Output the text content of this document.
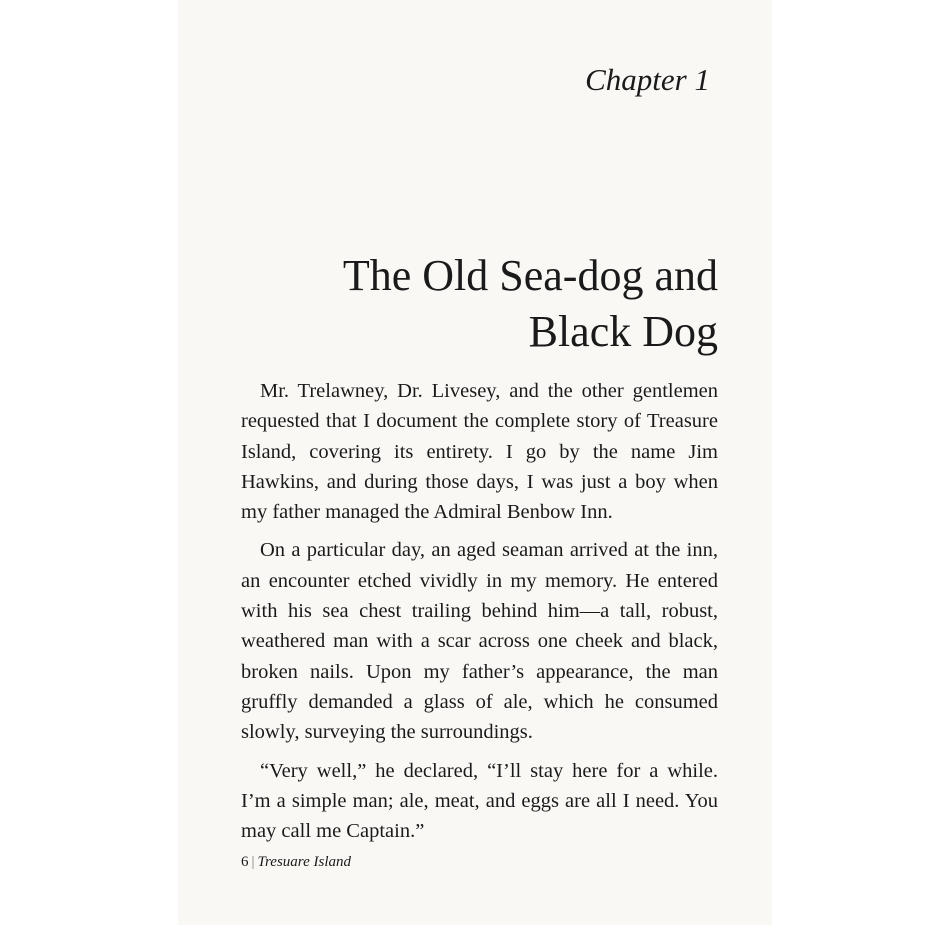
Chapter 1
The Old Sea-dog and
Black Dog

Mr. Trelawney, Dr. Livesey, and the other gentlemen requested that I document the complete story of Treasure Island, covering its entirety. I go by the name Jim Hawkins, and during those days, I was just a boy when my father managed the Admiral Benbow Inn.

On a particular day, an aged seaman arrived at the inn, an encounter etched vividly in my memory. He entered with his sea chest trailing behind him—a tall, robust, weathered man with a scar across one cheek and black, broken nails. Upon my father’s appearance, the man gruffly demanded a glass of ale, which he consumed slowly, surveying the surroundings.

“Very well,” he declared, “I’ll stay here for a while. I’m a simple man; ale, meat, and eggs are all I need. You may call me Captain.”

6 | Tresuare Island
